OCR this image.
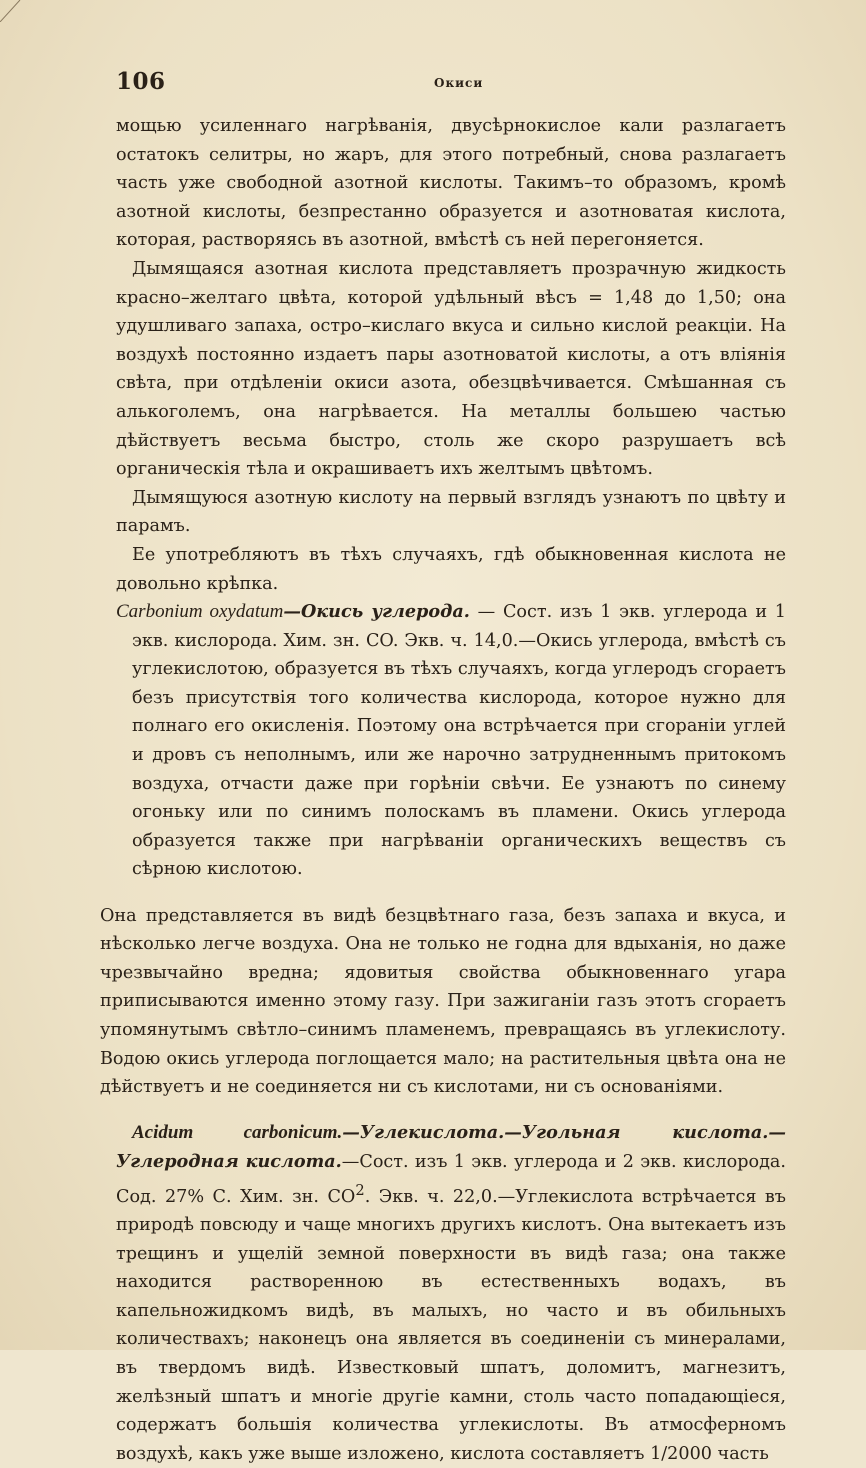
106	Окиси

мощью усиленнаго нагрѣванія, двусѣрнокислое кали разлагаетъ остатокъ селитры, но жаръ, для этого потребный, снова разлагаетъ часть уже свободной азотной кислоты. Такимъ–то образомъ, кромѣ азотной кислоты, безпрестанно образуется и азотноватая кислота, которая, растворяясь въ азотной, вмѣстѣ съ ней перегоняется.

Дымящаяся азотная кислота представляетъ прозрачную жидкость красно–желтаго цвѣта, которой удѣльный вѣсъ = 1,48 до 1,50; она удушливаго запаха, остро–кислаго вкуса и сильно кислой реакціи. На воздухѣ постоянно издаетъ пары азотноватой кислоты, а отъ вліянія свѣта, при отдѣленіи окиси азота, обезцвѣчивается. Смѣшанная съ алькоголемъ, она нагрѣвается. На металлы большею частью дѣйствуетъ весьма быстро, столь же скоро разрушаетъ всѣ органическія тѣла и окрашиваетъ ихъ желтымъ цвѣтомъ.

Дымящуюся азотную кислоту на первый взглядъ узнаютъ по цвѣту и парамъ.

Ее употребляютъ въ тѣхъ случаяхъ, гдѣ обыкновенная кислота не довольно крѣпка.

Carbonium oxydatum—Окись углерода. — Сост. изъ 1 экв. углерода и 1 экв. кислорода. Хим. зн. CO. Экв. ч. 14,0.—Окись углерода, вмѣстѣ съ углекислотою, образуется въ тѣхъ случаяхъ, когда углеродъ сгораетъ безъ присутствія того количества кислорода, которое нужно для полнаго его окисленія. Поэтому она встрѣчается при сгораніи углей и дровъ съ неполнымъ, или же нарочно затрудненнымъ притокомъ воздуха, отчасти даже при горѣніи свѣчи. Ее узнаютъ по синему огоньку или по синимъ полоскамъ въ пламени. Окись углерода образуется также при нагрѣваніи органическихъ веществъ съ сѣрною кислотою.

Она представляется въ видѣ безцвѣтнаго газа, безъ запаха и вкуса, и нѣсколько легче воздуха. Она не только не годна для вдыханія, но даже чрезвычайно вредна; ядовитыя свойства обыкновеннаго угара приписываются именно этому газу. При зажиганіи газъ этотъ сгораетъ упомянутымъ свѣтло–синимъ пламенемъ, превращаясь въ углекислоту. Водою окись углерода поглощается мало; на растительныя цвѣта она не дѣйствуетъ и не соединяется ни съ кислотами, ни съ основаніями.

Acidum carbonicum.—Углекислота.—Угольная кислота.—Углеродная кислота.—Сост. изъ 1 экв. углерода и 2 экв. кислорода. Сод. 27% С. Хим. зн. $CO^2$. Экв. ч. 22,0.—Углекислота встрѣчается въ природѣ повсюду и чаще многихъ другихъ кислотъ. Она вытекаетъ изъ трещинъ и ущелій земной поверхности въ видѣ газа; она также находится растворенною въ естественныхъ водахъ, въ капельножидкомъ видѣ, въ малыхъ, но часто и въ обильныхъ количествахъ; наконецъ она является въ соединеніи съ минералами, въ твердомъ видѣ. Известковый шпатъ, доломитъ, магнезитъ, желѣзный шпатъ и многіе другіе камни, столь часто попадающіеся, содержатъ большія количества углекислоты. Въ атмосферномъ воздухѣ, какъ уже выше изложено, кислота составляетъ 1/2000 часть
